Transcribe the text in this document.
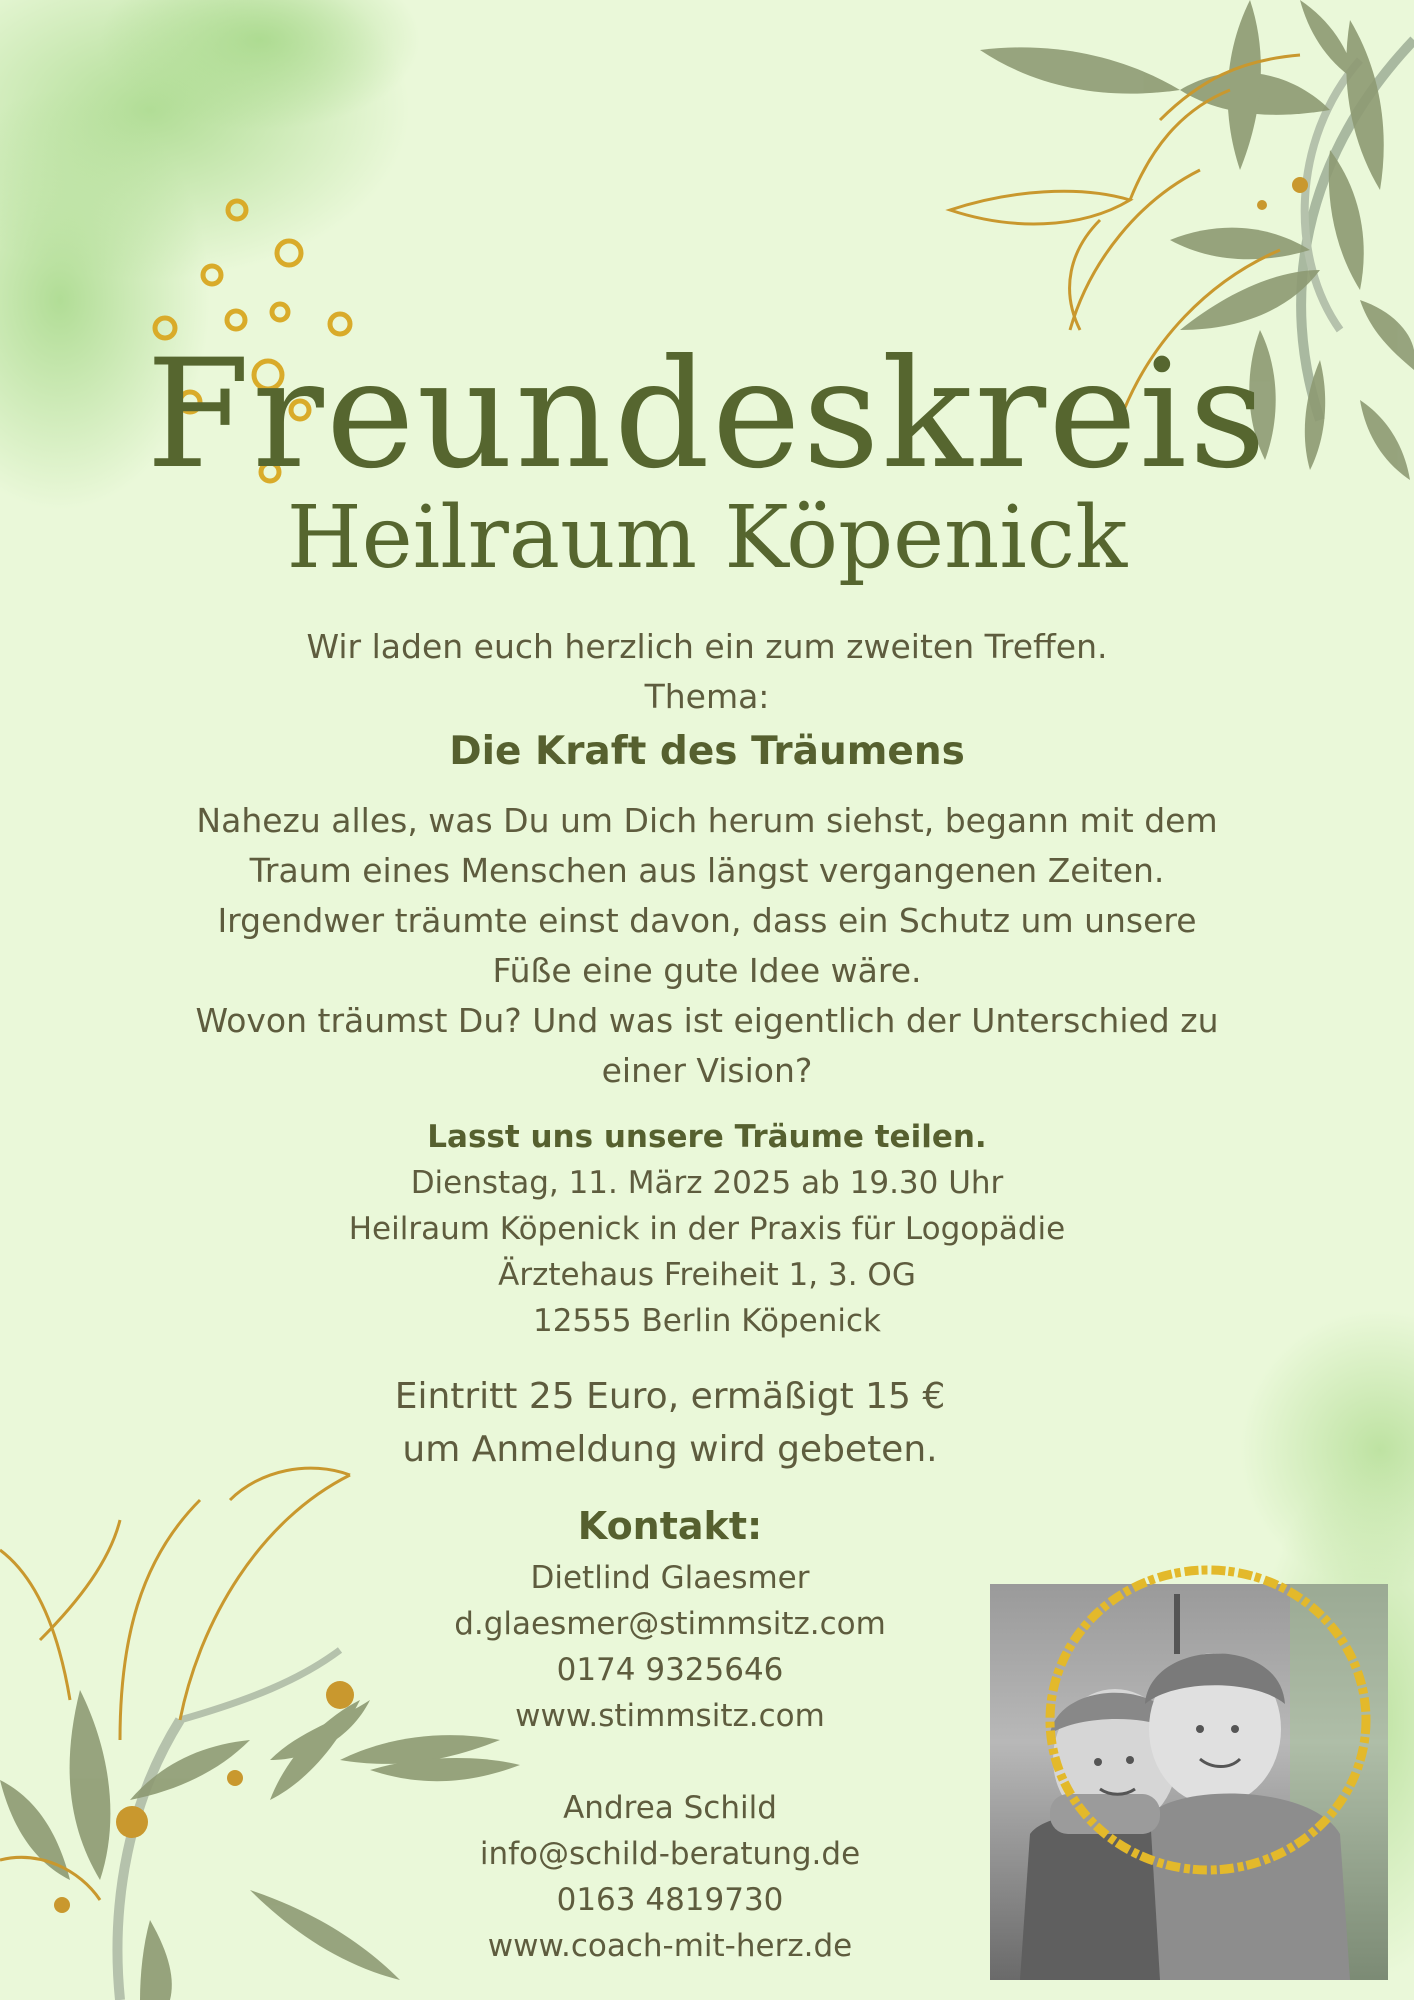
Freundeskreis
Heilraum Köpenick
Wir laden euch herzlich ein zum zweiten Treffen.
Thema:
Die Kraft des Träumens
Nahezu alles, was Du um Dich herum siehst, begann mit dem
Traum eines Menschen aus längst vergangenen Zeiten.
Irgendwer träumte einst davon, dass ein Schutz um unsere
Füße eine gute Idee wäre.
Wovon träumst Du? Und was ist eigentlich der Unterschied zu
einer Vision?
Lasst uns unsere Träume teilen.
Dienstag, 11. März 2025 ab 19.30 Uhr
Heilraum Köpenick in der Praxis für Logopädie
Ärztehaus Freiheit 1, 3. OG
12555 Berlin Köpenick
Eintritt 25 Euro, ermäßigt 15 €
um Anmeldung wird gebeten.
Kontakt:
Dietlind Glaesmer
d.glaesmer@stimmsitz.com
0174 9325646
www.stimmsitz.com
Andrea Schild
info@schild-beratung.de
0163 4819730
www.coach-mit-herz.de
